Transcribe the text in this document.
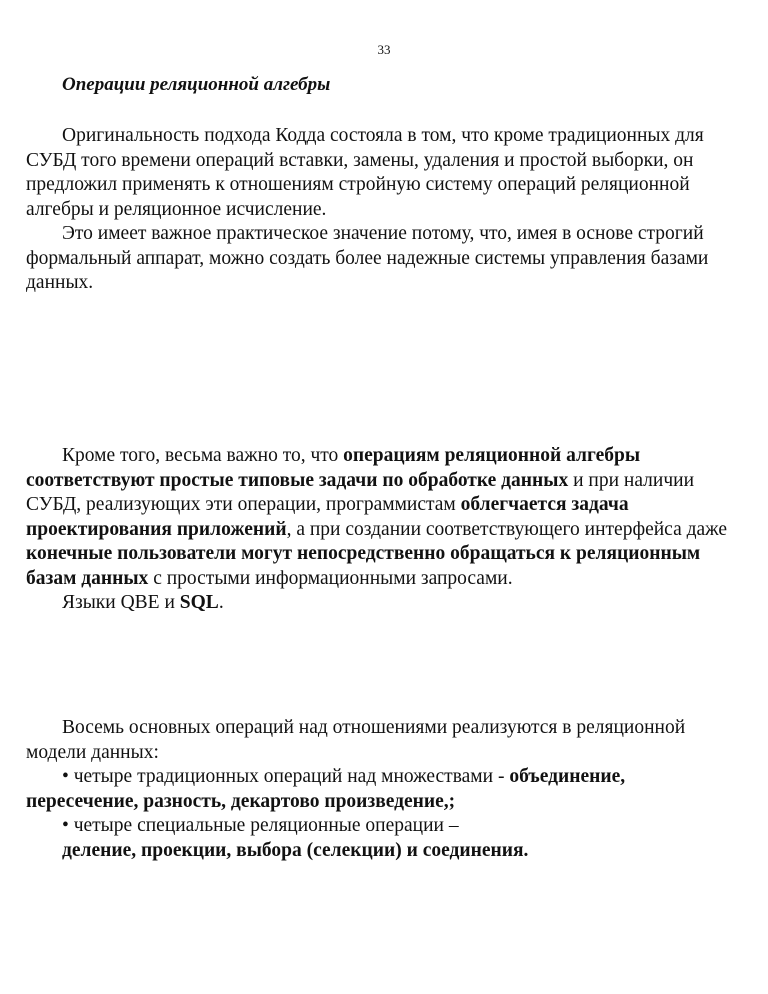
33
Операции реляционной алгебры

Оригинальность подхода Кодда состояла в том, что кроме традиционных для СУБД того времени операций вставки, замены, удаления и простой выборки, он предложил применять к отношениям стройную систему операций реляционной алгебры и реляционное исчисление.

Это имеет важное практическое значение потому, что, имея в основе строгий формальный аппарат, можно создать более надежные системы управления базами данных.

Кроме того, весьма важно то, что операциям реляционной алгебры соответствуют простые типовые задачи по обработке данных и при наличии СУБД, реализующих эти операции, программистам облегчается задача проектирования приложений, а при создании соответствующего интерфейса даже конечные пользователи могут непосредственно обращаться к реляционным базам данных с простыми информационными запросами.

Языки QBE и SQL.

Восемь основных операций над отношениями реализуются в реляционной модели данных:

• четыре традиционных операций над множествами - объединение, пересечение, разность, декартово произведение,;

• четыре специальные реляционные операции –

деление, проекции, выбора (селекции) и соединения.
